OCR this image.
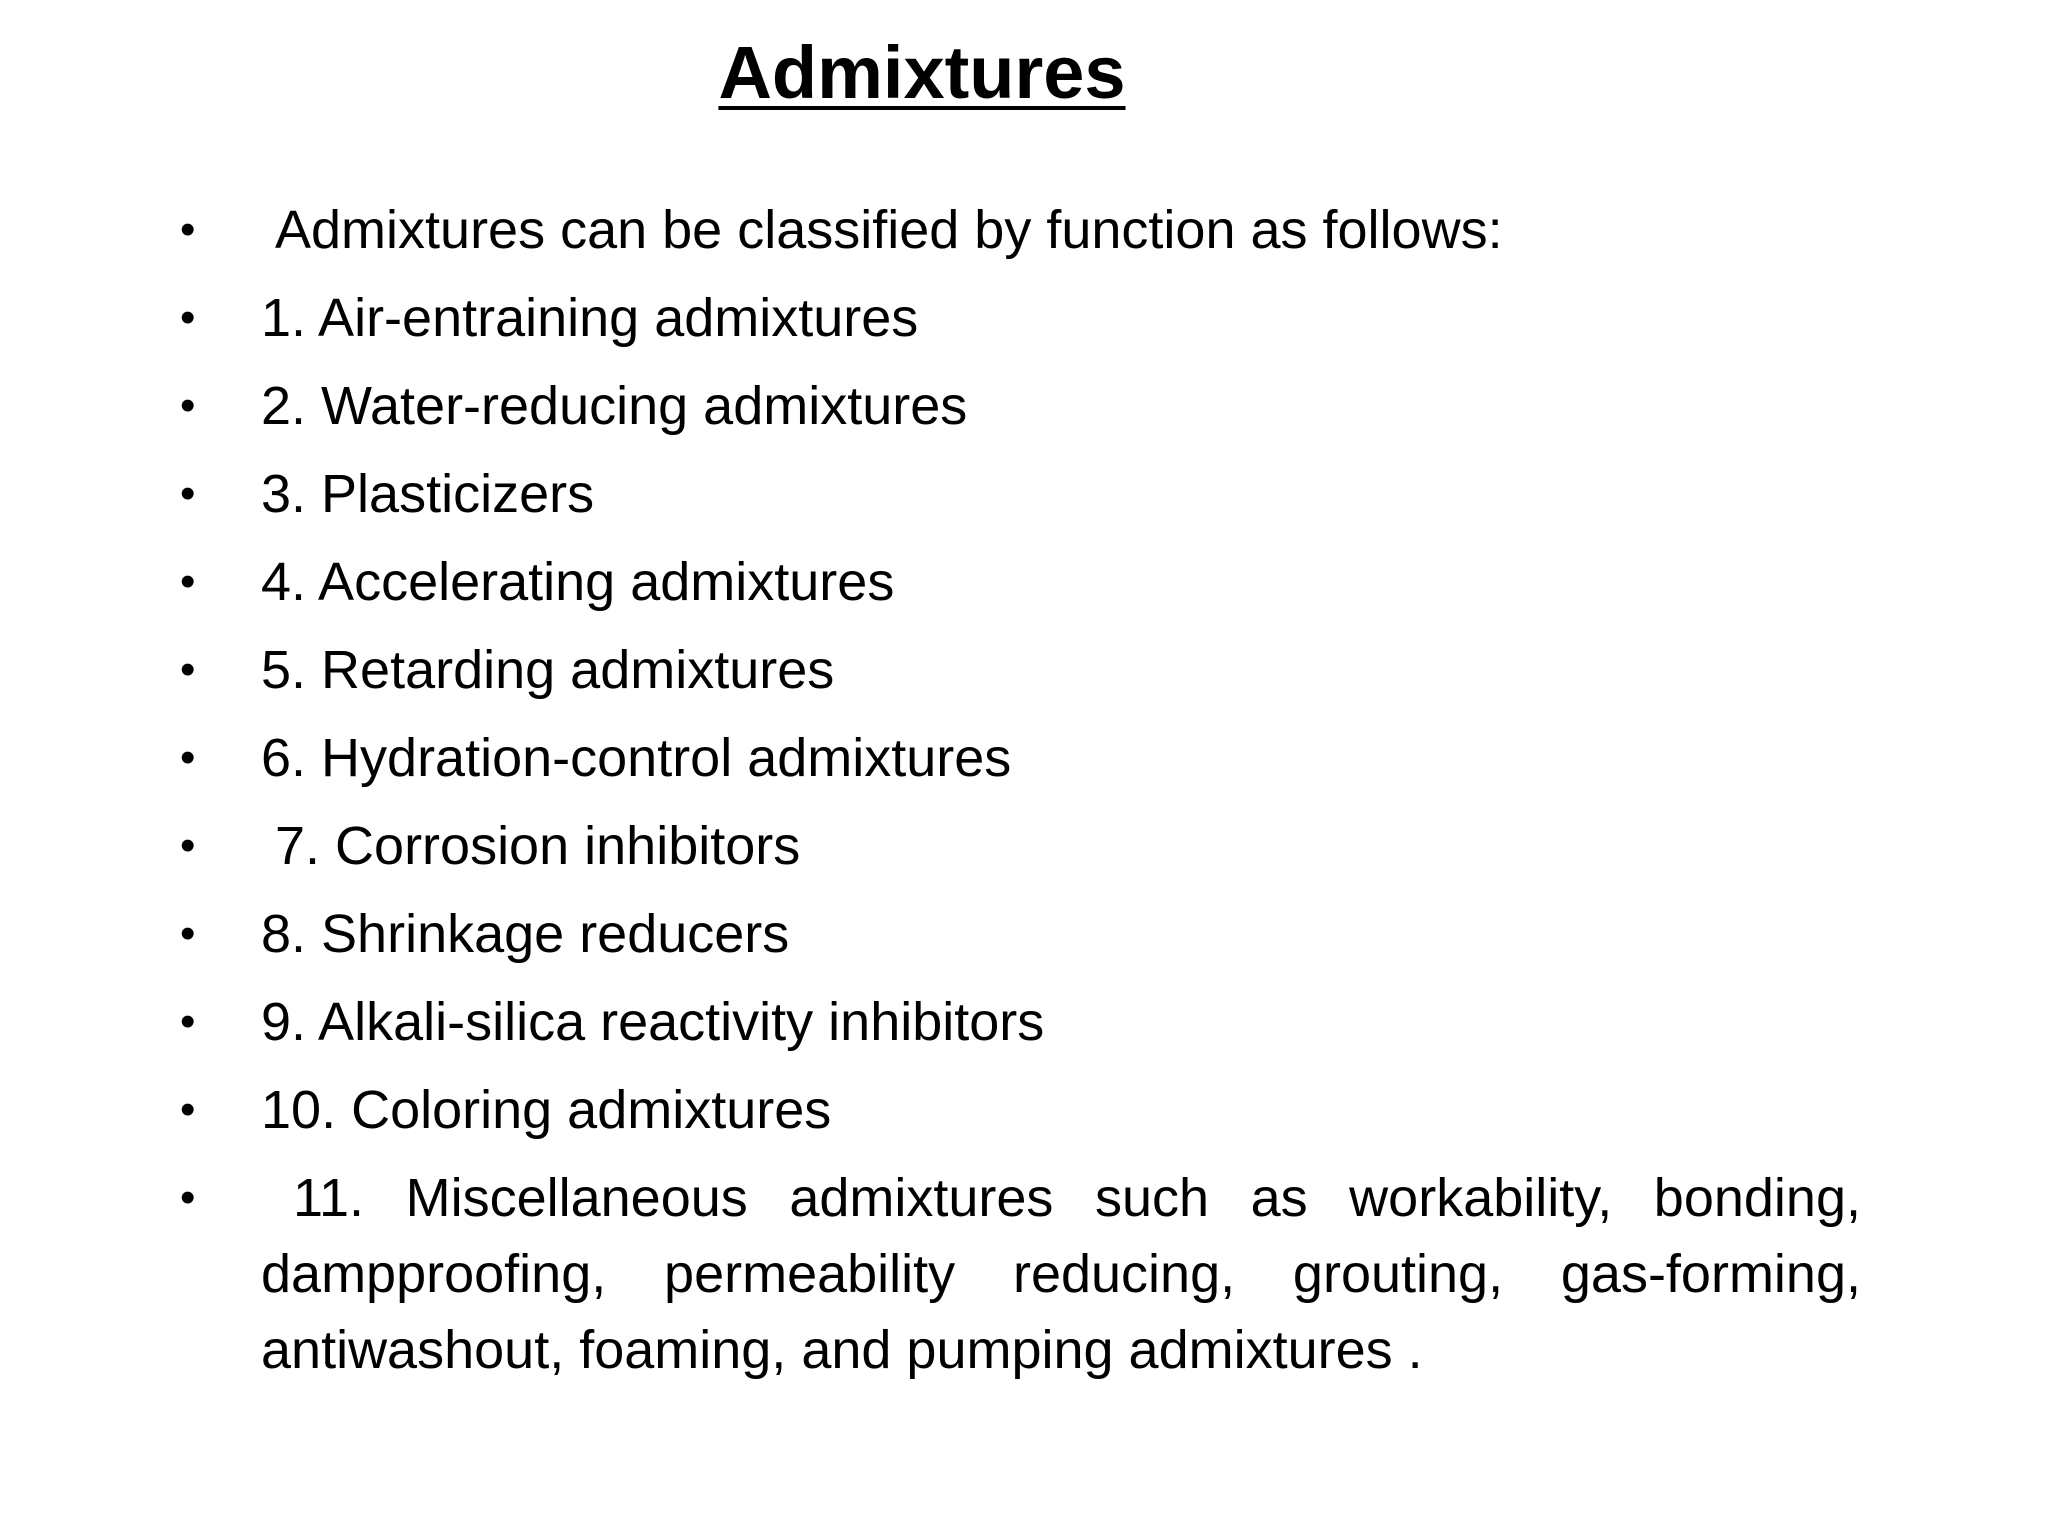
Admixtures
•	Admixtures can be classified by function as follows:
•	1. Air-entraining admixtures
•	2. Water-reducing admixtures
•	3. Plasticizers
•	4. Accelerating admixtures
•	5. Retarding admixtures
•	6. Hydration-control admixtures
•	7. Corrosion inhibitors
•	8. Shrinkage reducers
•	9. Alkali-silica reactivity inhibitors
•	10. Coloring admixtures
•	11. Miscellaneous admixtures such as workability, bonding, dampproofing, permeability reducing, grouting, gas-forming, antiwashout, foaming, and pumping admixtures .
